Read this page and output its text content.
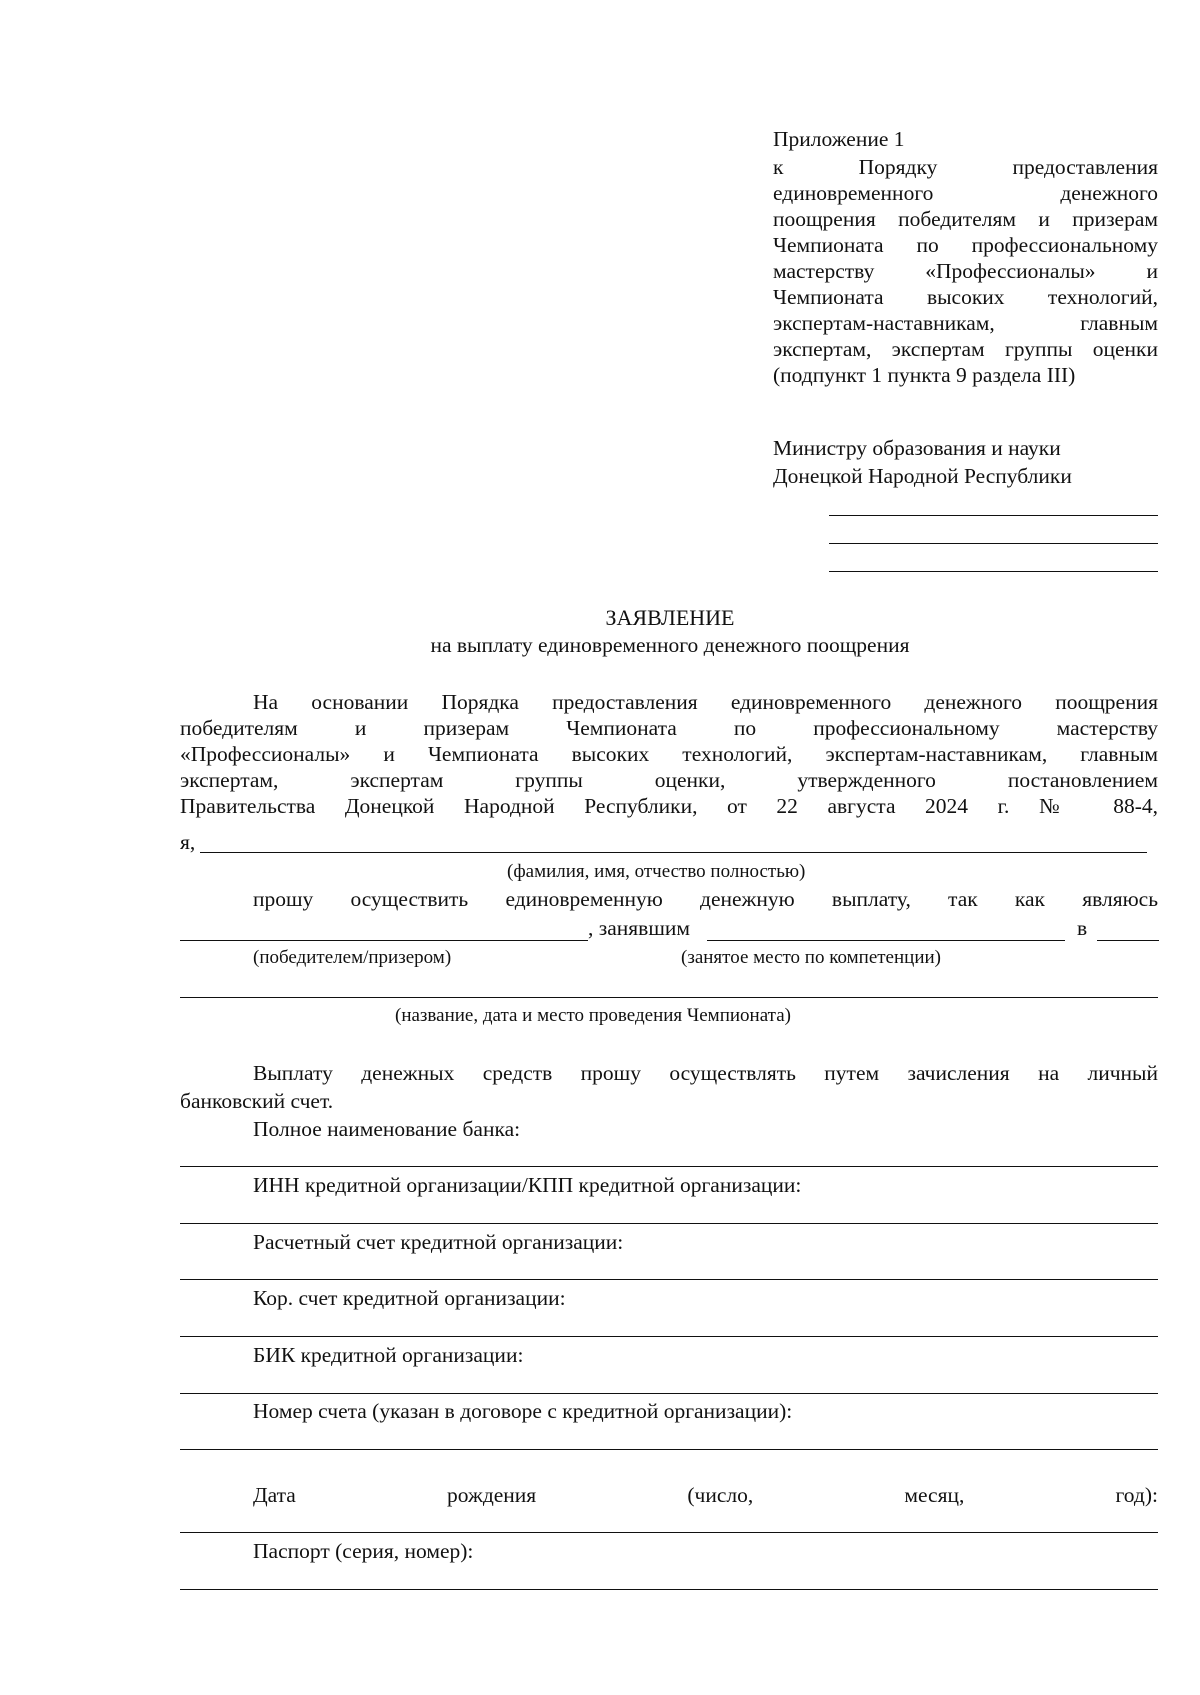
Приложение 1
к Порядку предоставления
единовременного денежного
поощрения победителям и призерам
Чемпионата по профессиональному
мастерству «Профессионалы» и
Чемпионата высоких технологий,
экспертам-наставникам, главным
экспертам, экспертам группы оценки
(подпункт 1 пункта 9 раздела III)
Министру образования и науки
Донецкой Народной Республики
ЗАЯВЛЕНИЕ
на выплату единовременного денежного поощрения
На основании Порядка предоставления единовременного денежного поощрения
победителям и призерам Чемпионата по профессиональному мастерству
«Профессионалы» и Чемпионата высоких технологий, экспертам-наставникам, главным
экспертам, экспертам группы оценки, утвержденного постановлением
Правительства Донецкой Народной Республики, от 22 августа 2024 г. № 88-4,
я,
(фамилия, имя, отчество полностью)
прошу осуществить единовременную денежную выплату, так как являюсь
, занявшим	в
(победителем/призером)	(занятое место по компетенции)
(название, дата и место проведения Чемпионата)
Выплату денежных средств прошу осуществлять путем зачисления на личный
банковский счет.
Полное наименование банка:
ИНН кредитной организации/КПП кредитной организации:
Расчетный счет кредитной организации:
Кор. счет кредитной организации:
БИК кредитной организации:
Номер счета (указан в договоре с кредитной организации):
Дата рождения (число, месяц, год):
Паспорт (серия, номер):
